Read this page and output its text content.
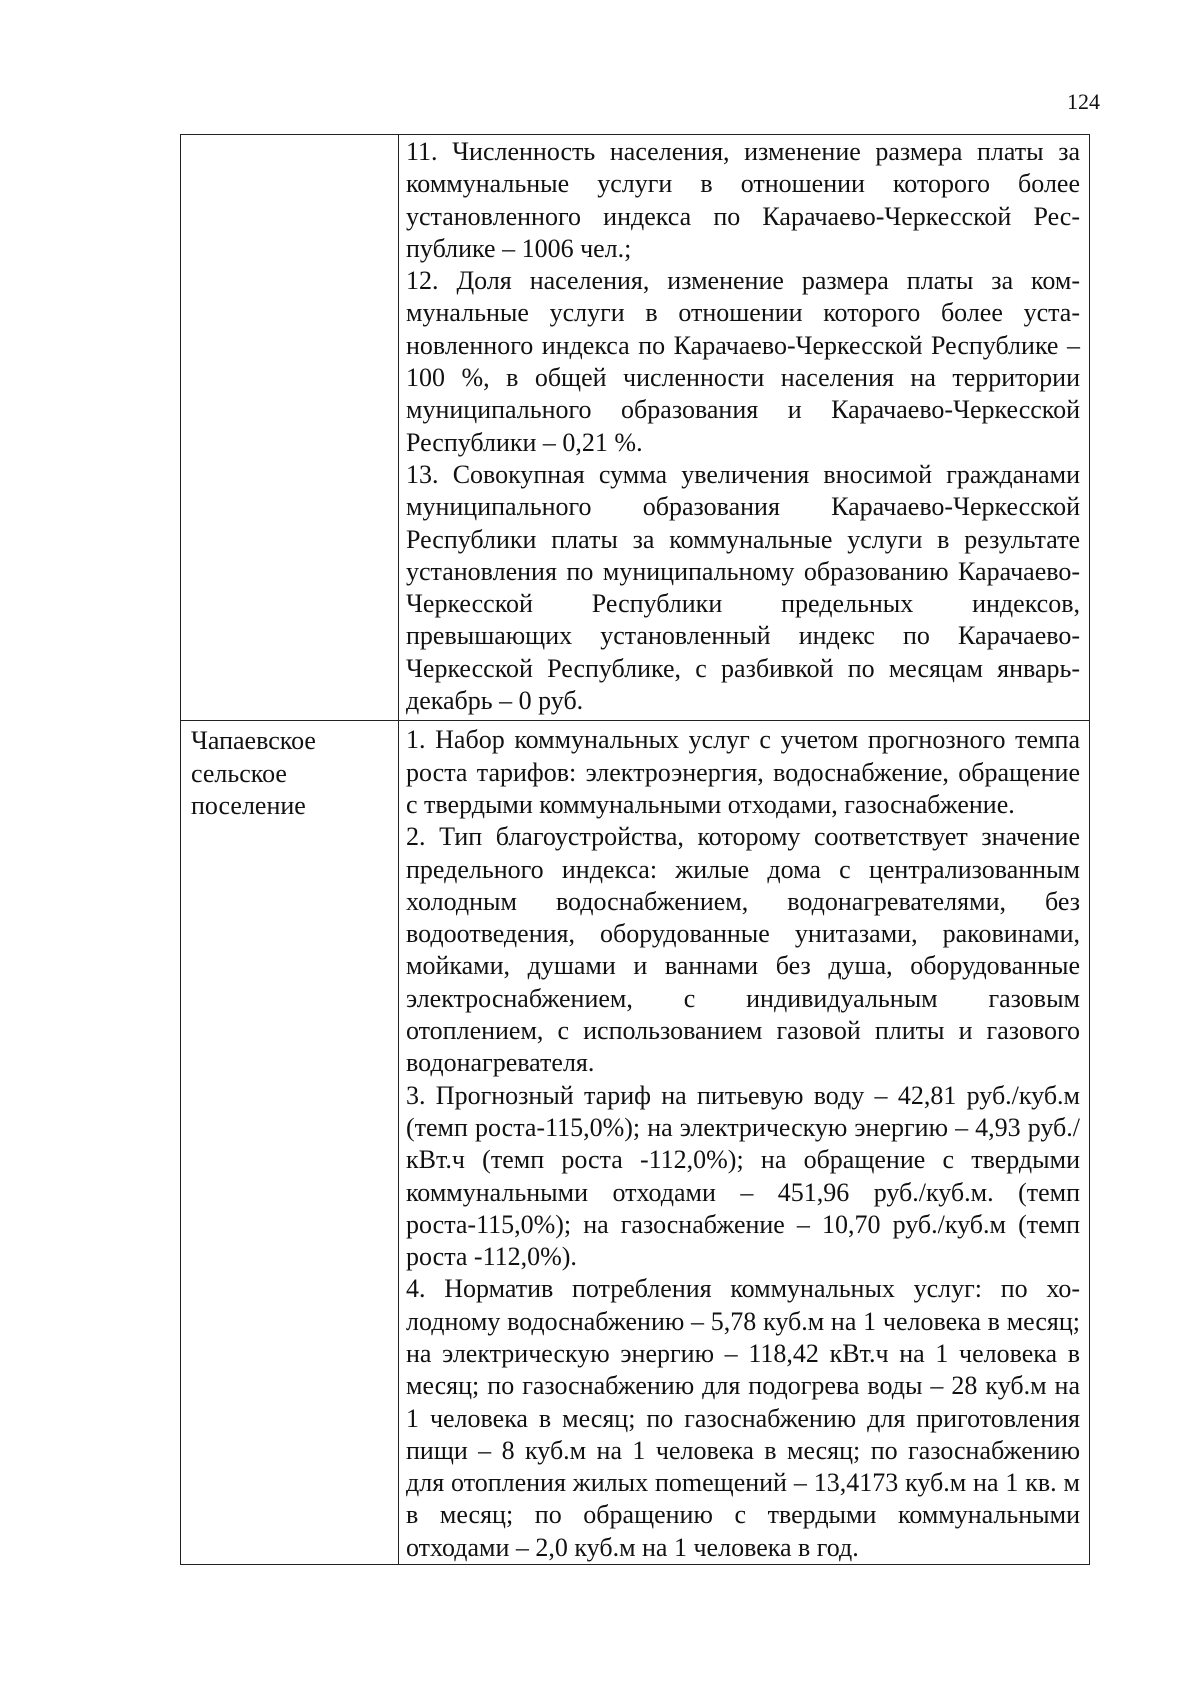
124

	11. Численность населения, изменение размера платы за коммунальные услуги в отношении которого более установленного индекса по Карачаево-Черкесской Республике – 1006 чел.;

12. Доля населения, изменение размера платы за коммунальные услуги в отношении которого более установленного индекса по Карачаево-Черкесской Республике – 100 %, в общей численности населения на территории муниципального образования и Карачаево-Черкесской Республики – 0,21 %.

13. Совокупная сумма увеличения вносимой гражданами муниципального образования Карачаево-Черкесской Республики платы за коммунальные услуги в результате установления по муниципальному образованию Карачаево-Черкесской Республики предельных индексов, превышающих установленный индекс по Карачаево-Черкесской Республике, с разбивкой по месяцам январь-декабрь – 0 руб.

Чапаевское сельское поселение	1. Набор коммунальных услуг с учетом прогнозного темпа роста тарифов: электроэнергия, водоснабжение, обращение с твердыми коммунальными отходами, газоснабжение.

2. Тип благоустройства, которому соответствует значение предельного индекса: жилые дома с централизованным холодным водоснабжением, водонагревателями, без водоотведения, оборудованные унитазами, раковинами, мойками, душами и ваннами без душа, оборудованные электроснабжением, с индивидуальным газовым отоплением, с использованием газовой плиты и газового водонагревателя.

3. Прогнозный тариф на питьевую воду – 42,81 руб./куб.м (темп роста-115,0%); на электрическую энергию – 4,93 руб./кВт.ч (темп роста -112,0%); на обращение с твердыми коммунальными отходами – 451,96 руб./куб.м. (темп роста-115,0%); на газоснабжение – 10,70 руб./куб.м (темп роста -112,0%).

4. Норматив потребления коммунальных услуг: по холодному водоснабжению – 5,78 куб.м на 1 человека в месяц; на электрическую энергию – 118,42 кВт.ч на 1 человека в месяц; по газоснабжению для подогрева воды – 28 куб.м на 1 человека в месяц; по газоснабжению для приготовления пищи – 8 куб.м на 1 человека в месяц; по газоснабжению для отопления жилых поmещений – 13,4173 куб.м на 1 кв. м в месяц; по обращению с твердыми коммунальными отходами – 2,0 куб.м на 1 человека в год.
